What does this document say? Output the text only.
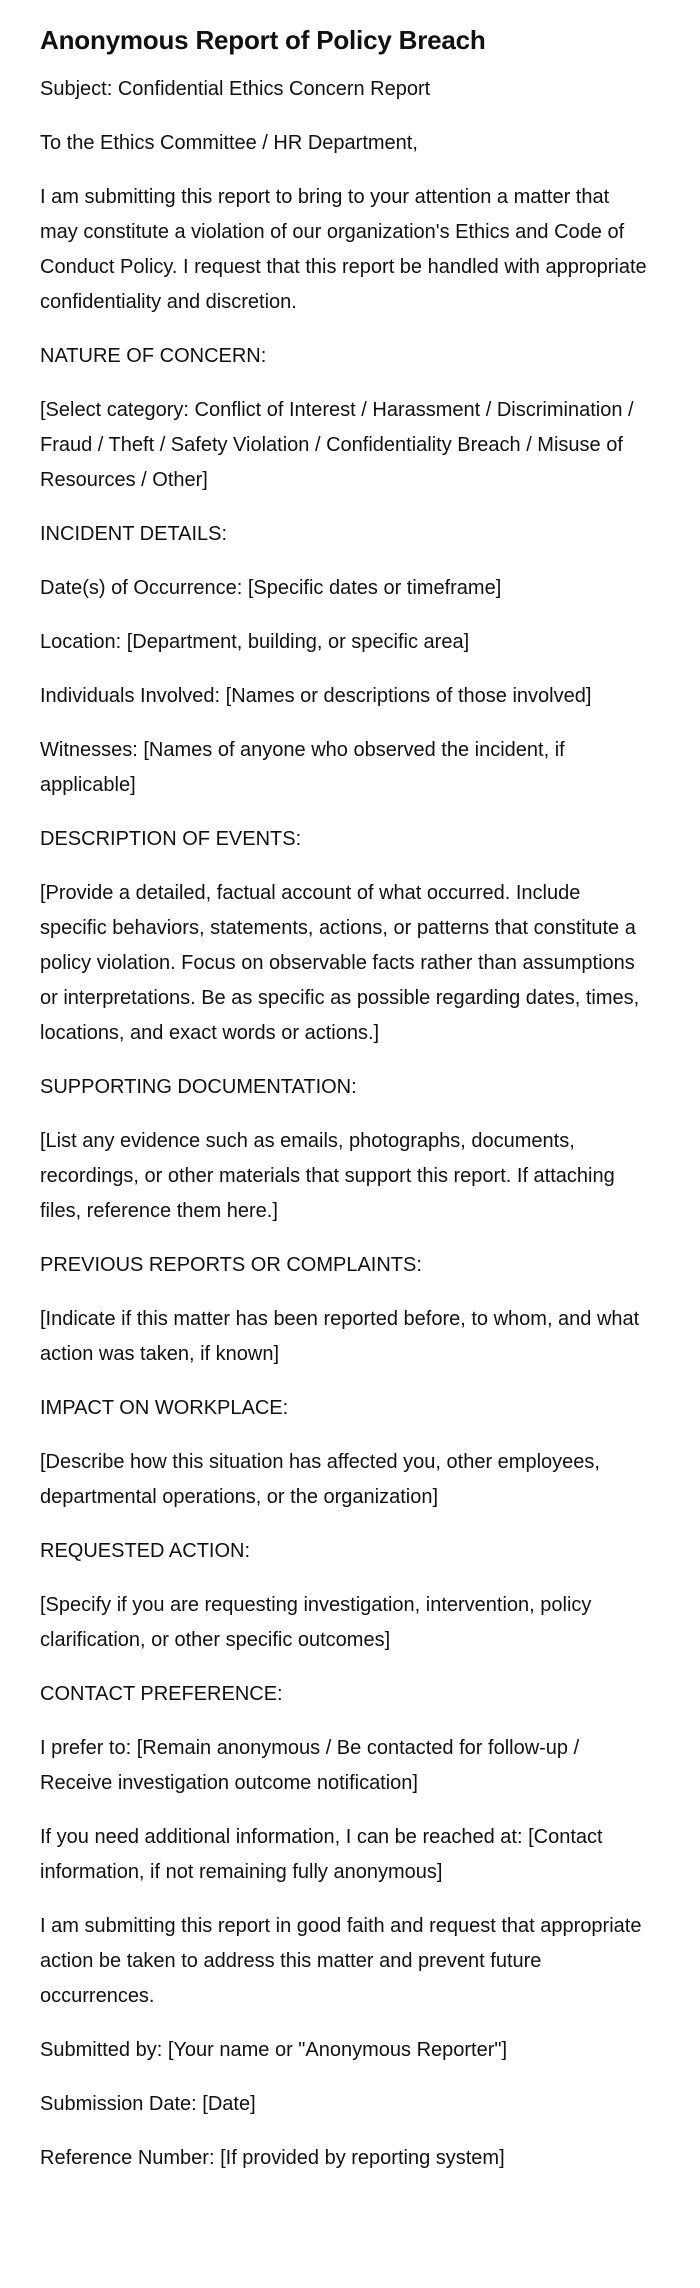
Anonymous Report of Policy Breach

Subject: Confidential Ethics Concern Report

To the Ethics Committee / HR Department,

I am submitting this report to bring to your attention a matter that may constitute a violation of our organization's Ethics and Code of Conduct Policy. I request that this report be handled with appropriate confidentiality and discretion.

NATURE OF CONCERN:

[Select category: Conflict of Interest / Harassment / Discrimination / Fraud / Theft / Safety Violation / Confidentiality Breach / Misuse of Resources / Other]

INCIDENT DETAILS:

Date(s) of Occurrence: [Specific dates or timeframe]

Location: [Department, building, or specific area]

Individuals Involved: [Names or descriptions of those involved]

Witnesses: [Names of anyone who observed the incident, if applicable]

DESCRIPTION OF EVENTS:

[Provide a detailed, factual account of what occurred. Include specific behaviors, statements, actions, or patterns that constitute a policy violation. Focus on observable facts rather than assumptions or interpretations. Be as specific as possible regarding dates, times, locations, and exact words or actions.]

SUPPORTING DOCUMENTATION:

[List any evidence such as emails, photographs, documents, recordings, or other materials that support this report. If attaching files, reference them here.]

PREVIOUS REPORTS OR COMPLAINTS:

[Indicate if this matter has been reported before, to whom, and what action was taken, if known]

IMPACT ON WORKPLACE:

[Describe how this situation has affected you, other employees, departmental operations, or the organization]

REQUESTED ACTION:

[Specify if you are requesting investigation, intervention, policy clarification, or other specific outcomes]

CONTACT PREFERENCE:

I prefer to: [Remain anonymous / Be contacted for follow-up / Receive investigation outcome notification]

If you need additional information, I can be reached at: [Contact information, if not remaining fully anonymous]

I am submitting this report in good faith and request that appropriate action be taken to address this matter and prevent future occurrences.

Submitted by: [Your name or "Anonymous Reporter"]

Submission Date: [Date]

Reference Number: [If provided by reporting system]
